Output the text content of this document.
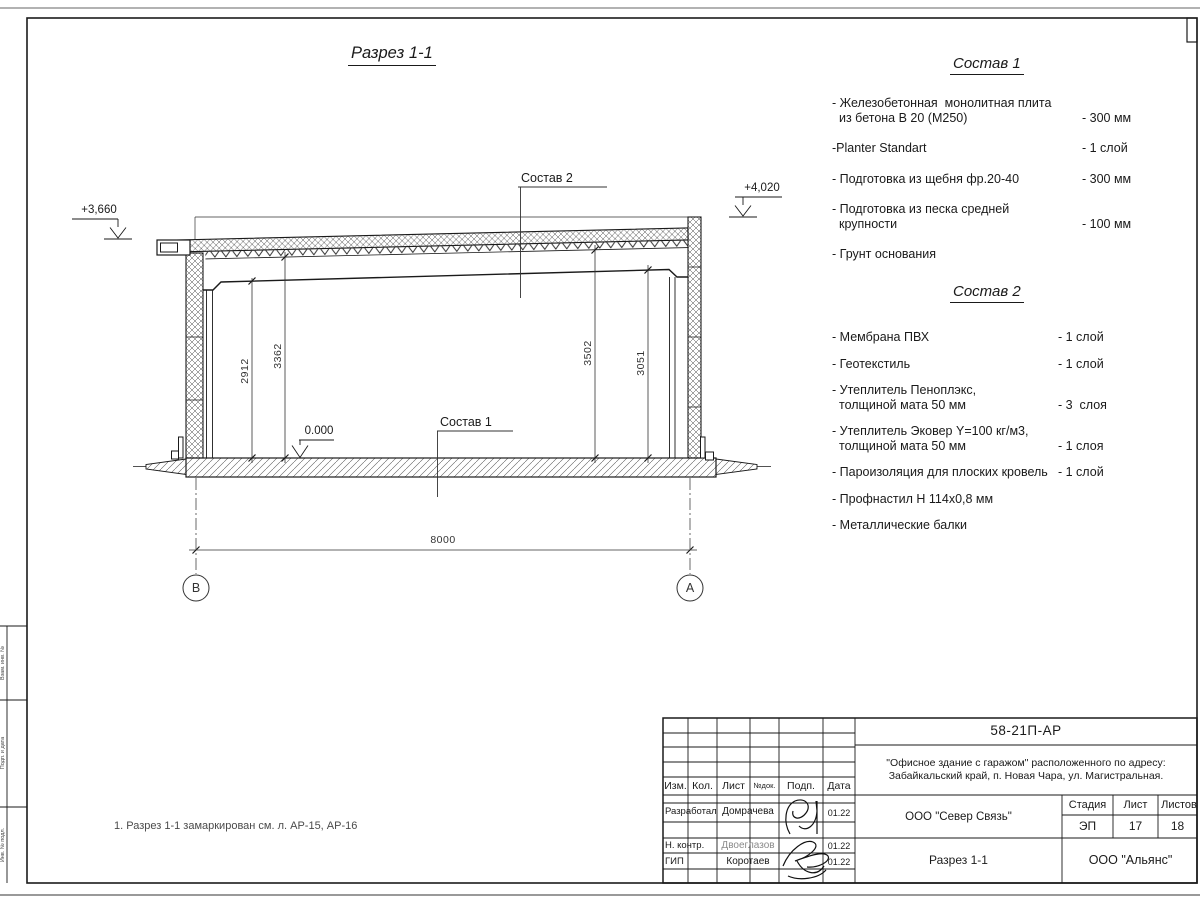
Разрез 1-1
+3,660
+4,020
0.000
Состав 2
Состав 1
2912
3362	3502	3051
8000
В	А
1. Разрез 1-1 замаркирован см. л. АР-15, АР-16
Состав 1
- Железобетонная  монолитная плита
из бетона В 20 (М250)	- 300 мм
-Planter Standart	- 1 слой
- Подготовка из щебня фр.20-40	- 300 мм
- Подготовка из песка средней
крупности	- 100 мм
- Грунт основания
Состав 2
- Мембрана ПВХ	- 1 слой
- Геотекстиль	- 1 слой
- Утеплитель Пеноплэкс,
толщиной мата 50 мм	- 3  слоя
- Утеплитель Эковер Y=100 кг/м3,
толщиной мата 50 мм	- 1 слоя
- Пароизоляция для плоских кровель - 1 слой
- Профнастил Н 114х0,8 мм
- Металлические балки
58-21П-АР
"Офисное здание с гаражом" расположенного по адресу:
Забайкальский край, п. Новая Чара, ул. Магистральная.
Изм. Кол. Лист	№док.	Подп.	Дата
Разработал Домрачева	01.22
Н. контр.	Двоеглазов	01.22
ГИП	Коротаев	01.22
ООО "Север Связь"
Разрез 1-1
Стадия	Лист	Листов
ЭП	17	18
ООО "Альянс"
Взам. инв. №
Подп. и дата
Инв. № подл.
